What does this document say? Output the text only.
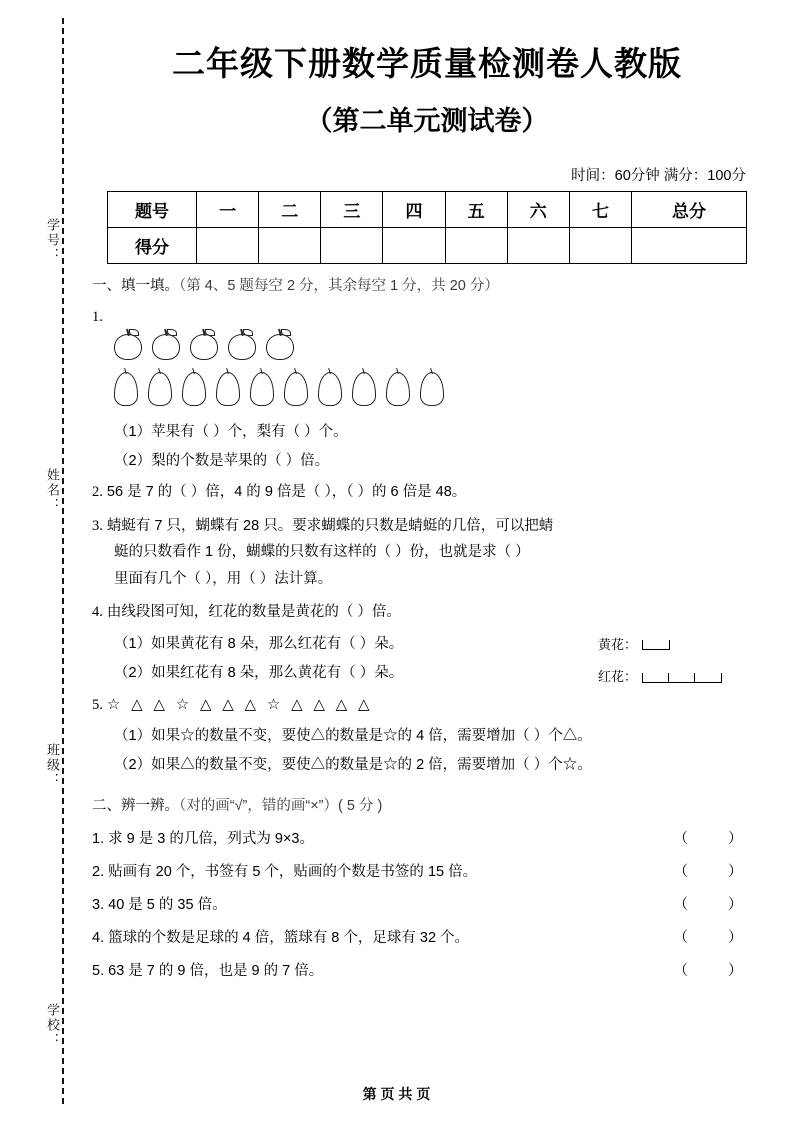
学号：
姓名：
班级：
学校：
二年级下册数学质量检测卷人教版
（第二单元测试卷）
时间：60分钟 满分：100分
题号	一	二	三	四	五	六	七	总分
得分								
一、填一填。（第 4、5 题每空 2 分，其余每空 1 分，共 20 分）
1.

（1）苹果有（ ）个，梨有（ ）个。
（2）梨的个数是苹果的（ ）倍。
2. 56 是 7 的（ ）倍，4 的 9 倍是（ ），（ ）的 6 倍是 48。
3. 蜻蜓有 7 只，蝴蝶有 28 只。要求蝴蝶的只数是蜻蜓的几倍，可以把蜻
蜓的只数看作 1 份，蝴蝶的只数有这样的（ ）份，也就是求（ ）
里面有几个（ ），用（ ）法计算。
4. 由线段图可知，红花的数量是黄花的（ ）倍。
黄花：
红花：
（1）如果黄花有 8 朵，那么红花有（ ）朵。
（2）如果红花有 8 朵，那么黄花有（ ）朵。
5. ☆ △ △ ☆ △ △ △ ☆ △ △ △ △
（1）如果☆的数量不变，要使△的数量是☆的 4 倍，需要增加（ ）个△。
（2）如果△的数量不变，要使△的数量是☆的 2 倍，需要增加（ ）个☆。
二、辨一辨。（对的画“√”，错的画“×”）( 5 分 )
1. 求 9 是 3 的几倍，列式为 9×3。	（ ）
2. 贴画有 20 个，书签有 5 个，贴画的个数是书签的 15 倍。	（ ）
3. 40 是 5 的 35 倍。	（ ）
4. 篮球的个数是足球的 4 倍，篮球有 8 个，足球有 32 个。	（ ）
5. 63 是 7 的 9 倍，也是 9 的 7 倍。	（ ）
第 页 共 页
